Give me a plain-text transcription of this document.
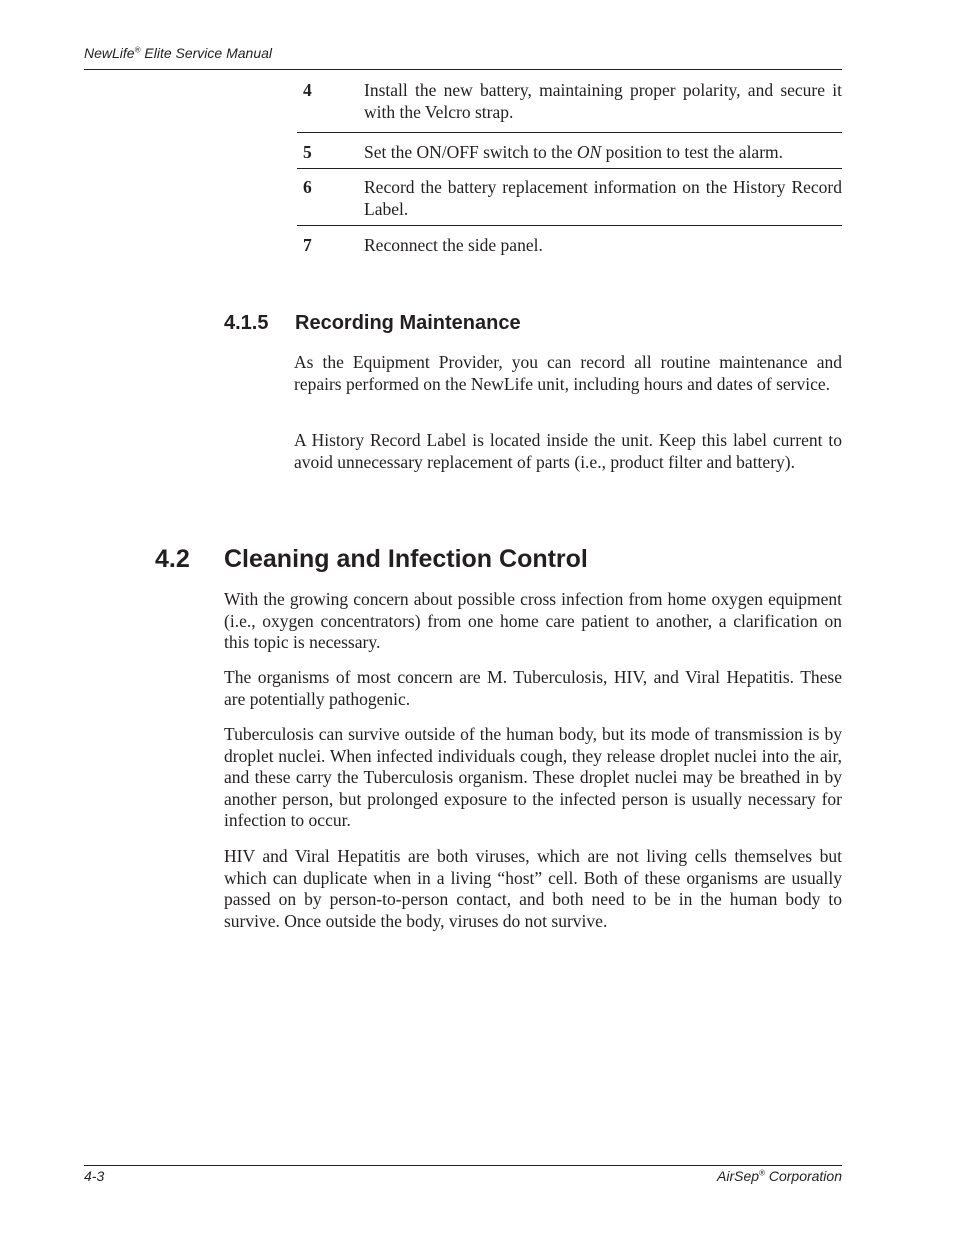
NewLife® Elite Service Manual
4	Install the new battery, maintaining proper polarity, and secure it with the Velcro strap.
5	Set the ON/OFF switch to the ON position to test the alarm.
6	Record the battery replacement information on the History Record Label.
7	Reconnect the side panel.
4.1.5 Recording Maintenance

As the Equipment Provider, you can record all routine maintenance and repairs performed on the NewLife unit, including hours and dates of service.

A History Record Label is located inside the unit. Keep this label current to avoid unnecessary replacement of parts (i.e., product filter and battery).

4.2 Cleaning and Infection Control

With the growing concern about possible cross infection from home oxygen equipment (i.e., oxygen concentrators) from one home care patient to another, a clarification on this topic is necessary.

The organisms of most concern are M. Tuberculosis, HIV, and Viral Hepatitis. These are potentially pathogenic.

Tuberculosis can survive outside of the human body, but its mode of transmission is by droplet nuclei. When infected individuals cough, they release droplet nuclei into the air, and these carry the Tuberculosis organism. These droplet nuclei may be breathed in by another person, but prolonged exposure to the infected person is usually necessary for infection to occur.

HIV and Viral Hepatitis are both viruses, which are not living cells themselves but which can duplicate when in a living “host” cell. Both of these organisms are usually passed on by person-to-person contact, and both need to be in the human body to survive. Once outside the body, viruses do not survive.

4-3	AirSep® Corporation
